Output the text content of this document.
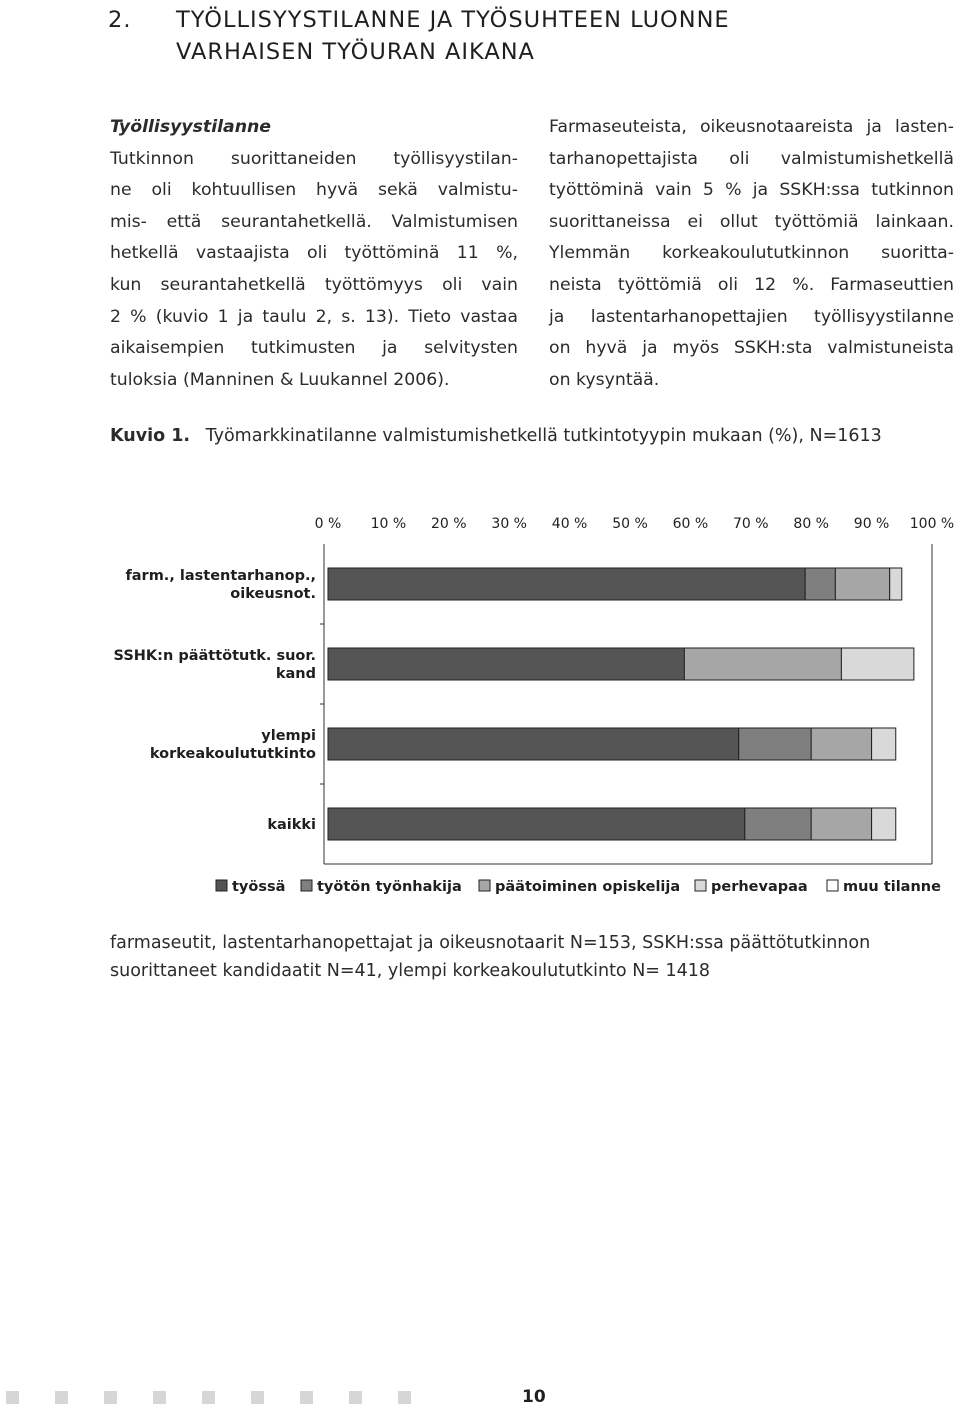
2. TYÖLLISYYSTILANNE JA TYÖSUHTEEN LUONNE
VARHAISEN TYÖURAN AIKANA

Työllisyystilanne

Tutkinnon suorittaneiden työllisyystilan-
ne oli kohtuullisen hyvä sekä valmistu-
mis- että seurantahetkellä. Valmistumisen
hetkellä vastaajista oli työttöminä 11 %,
kun seurantahetkellä työttömyys oli vain
2 % (kuvio 1 ja taulu 2, s. 13). Tieto vastaa
aikaisempien tutkimusten ja selvitysten
tuloksia (Manninen & Luukannel 2006).

Farmaseuteista, oikeusnotaareista ja lasten-
tarhanopettajista oli valmistumishetkellä
työttöminä vain 5 % ja SSKH:ssa tutkinnon
suorittaneissa ei ollut työttömiä lainkaan.
Ylemmän korkeakoulututkinnon suoritta-
neista työttömiä oli 12 %. Farmaseuttien
ja lastentarhanopettajien työllisyystilanne
on hyvä ja myös SSKH:sta valmistuneista
on kysyntää.

Kuvio 1. Työmarkkinatilanne valmistumishetkellä tutkintotyypin mukaan (%), N=1613
0 % 10 % 20 % 30 % 40 % 50 % 60 % 70 % 80 % 90 % 100 %
farm., lastentarhanop.,
oikeusnot.
SSHK:n päättötutk. suor.
kand
ylempi
korkeakoulututkinto
kaikki
työssä työtön työnhakija päätoiminen opiskelija perhevapaa muu tilanne
farmaseutit, lastentarhanopettajat ja oikeusnotaarit N=153, SSKH:ssa päättötutkinnon
suorittaneet kandidaatit N=41, ylempi korkeakoulututkinto N= 1418
10
